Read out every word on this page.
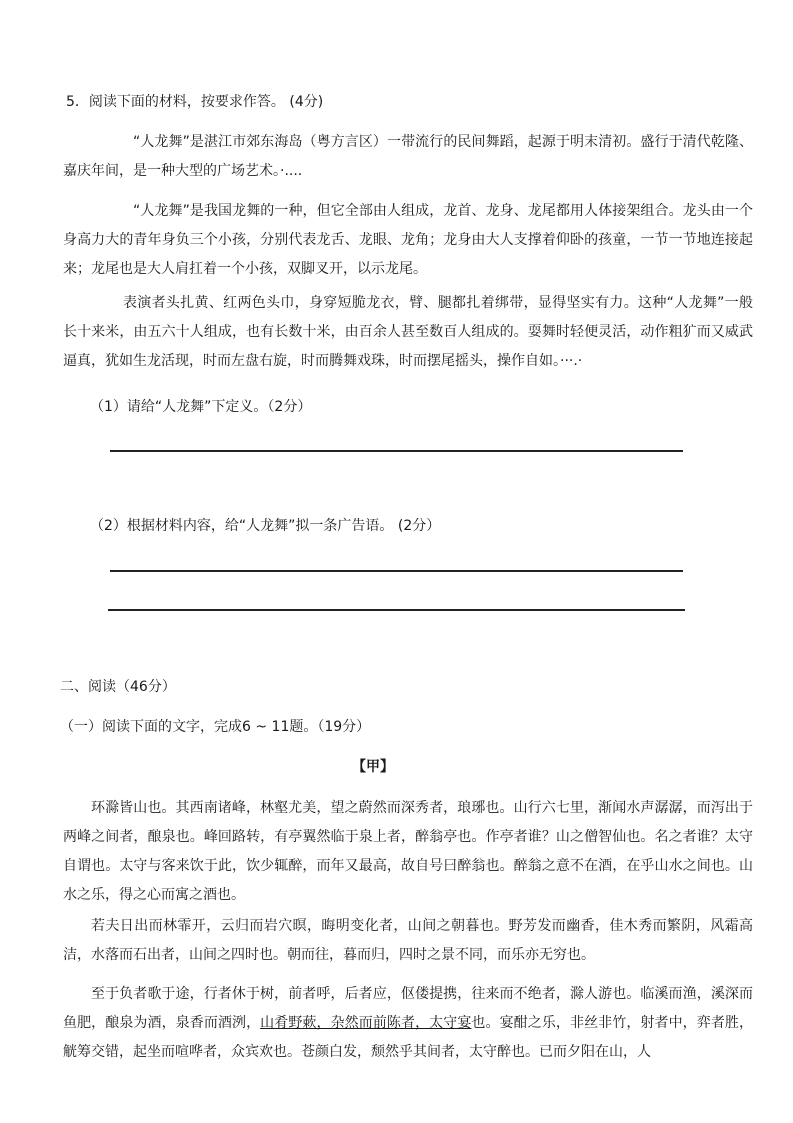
5．阅读下面的材料，按要求作答。 (4分)
“人龙舞”是湛江市郊东海岛（粤方言区）一带流行的民间舞蹈，起源于明末清初。盛行于清代乾隆、嘉庆年间，是一种大型的广场艺术。·....
“人龙舞”是我国龙舞的一种，但它全部由人组成，龙首、龙身、龙尾都用人体接架组合。龙头由一个身高力大的青年身负三个小孩，分别代表龙舌、龙眼、龙角；龙身由大人支撑着仰卧的孩童，一节一节地连接起来；龙尾也是大人肩扛着一个小孩，双脚叉开，以示龙尾。
表演者头扎黄、红两色头巾，身穿短脆龙衣，臂、腿都扎着绑带，显得坚实有力。这种“人龙舞”一般长十来米，由五六十人组成，也有长数十米，由百余人甚至数百人组成的。耍舞时轻便灵活，动作粗犷而又威武逼真，犹如生龙活现，时而左盘右旋，时而腾舞戏珠，时而摆尾摇头，操作自如。···.·
（1）请给“人龙舞”下定义。（2分）
（2）根据材料内容，给“人龙舞”拟一条广告语。 (2分）
二、阅读（46分）
（一）阅读下面的文字，完成6 ~ 11题。（19分）
【甲】
环滁皆山也。其西南诸峰，林壑尤美，望之蔚然而深秀者，琅琊也。山行六七里，渐闻水声潺潺，而泻出于两峰之间者，酿泉也。峰回路转，有亭翼然临于泉上者，醉翁亭也。作亭者谁？山之僧智仙也。名之者谁？太守自谓也。太守与客来饮于此，饮少辄醉，而年又最高，故自号曰醉翁也。醉翁之意不在酒，在乎山水之间也。山水之乐，得之心而寓之酒也。
若夫日出而林霏开，云归而岩穴暝，晦明变化者，山间之朝暮也。野芳发而幽香，佳木秀而繁阴，风霜高洁，水落而石出者，山间之四时也。朝而往，暮而归，四时之景不同，而乐亦无穷也。
至于负者歌于途，行者休于树，前者呼，后者应，伛偻提携，往来而不绝者，滁人游也。临溪而渔，溪深而鱼肥，酿泉为酒，泉香而酒洌，山肴野蔌，杂然而前陈者，太守宴也。宴酣之乐，非丝非竹，射者中，弈者胜，觥筹交错，起坐而喧哗者，众宾欢也。苍颜白发，颓然乎其间者，太守醉也。已而夕阳在山，人
